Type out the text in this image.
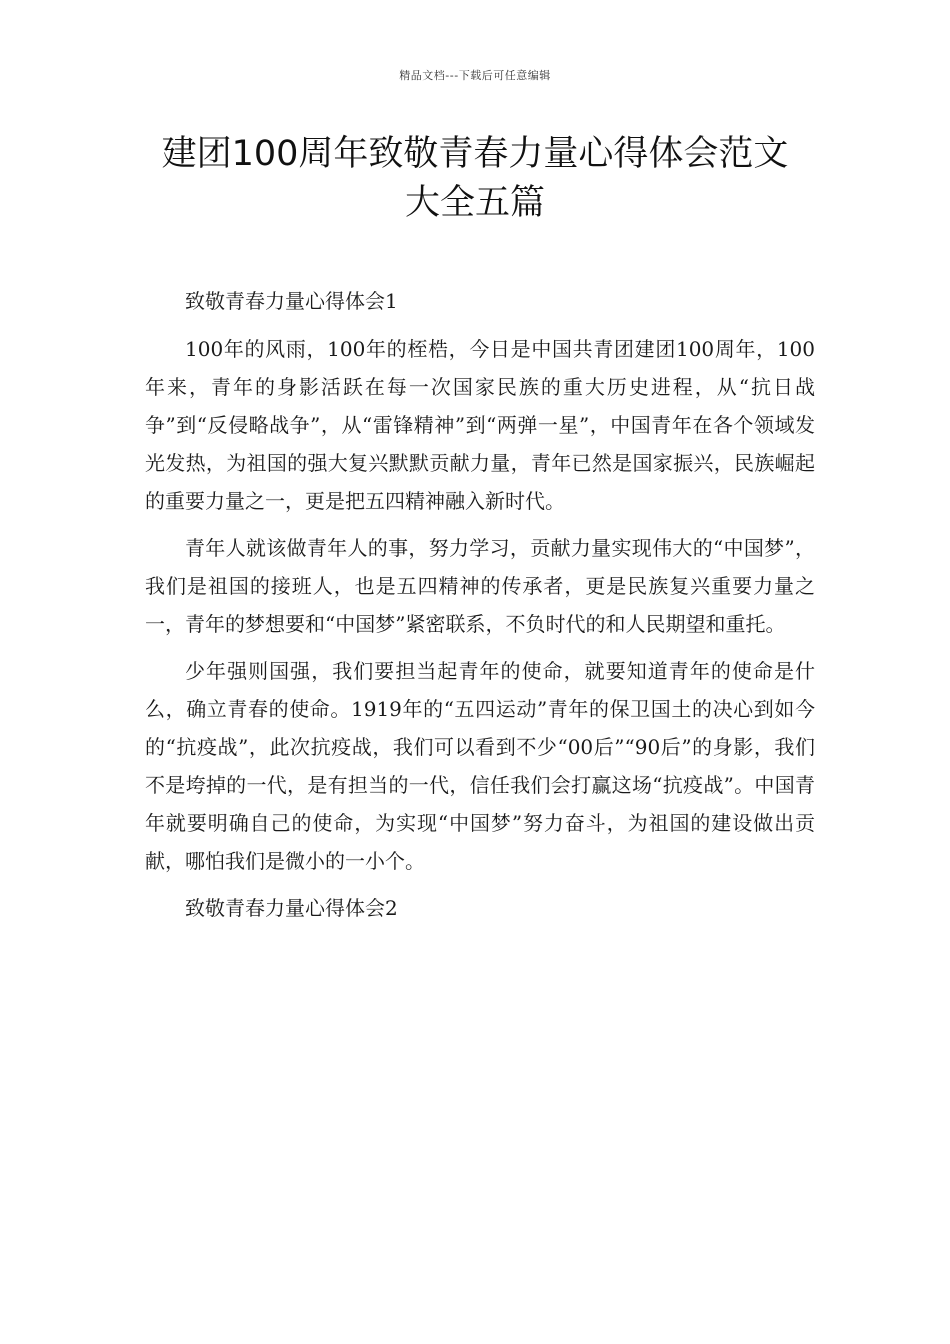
精品文档---下载后可任意编辑
建团100周年致敬青春力量心得体会范文大全五篇

致敬青春力量心得体会1

100年的风雨，100年的桎梏，今日是中国共青团建团100周年，100年来，青年的身影活跃在每一次国家民族的重大历史进程，从“抗日战争”到“反侵略战争”，从“雷锋精神”到“两弹一星”，中国青年在各个领域发光发热，为祖国的强大复兴默默贡献力量，青年已然是国家振兴，民族崛起的重要力量之一，更是把五四精神融入新时代。

青年人就该做青年人的事，努力学习，贡献力量实现伟大的“中国梦”，我们是祖国的接班人，也是五四精神的传承者，更是民族复兴重要力量之一，青年的梦想要和“中国梦”紧密联系，不负时代的和人民期望和重托。

少年强则国强，我们要担当起青年的使命，就要知道青年的使命是什么，确立青春的使命。1919年的“五四运动”青年的保卫国土的决心到如今的“抗疫战”，此次抗疫战，我们可以看到不少“00后”“90后”的身影，我们不是垮掉的一代，是有担当的一代，信任我们会打赢这场“抗疫战”。中国青年就要明确自己的使命，为实现“中国梦”努力奋斗，为祖国的建设做出贡献，哪怕我们是微小的一小个。

致敬青春力量心得体会2
